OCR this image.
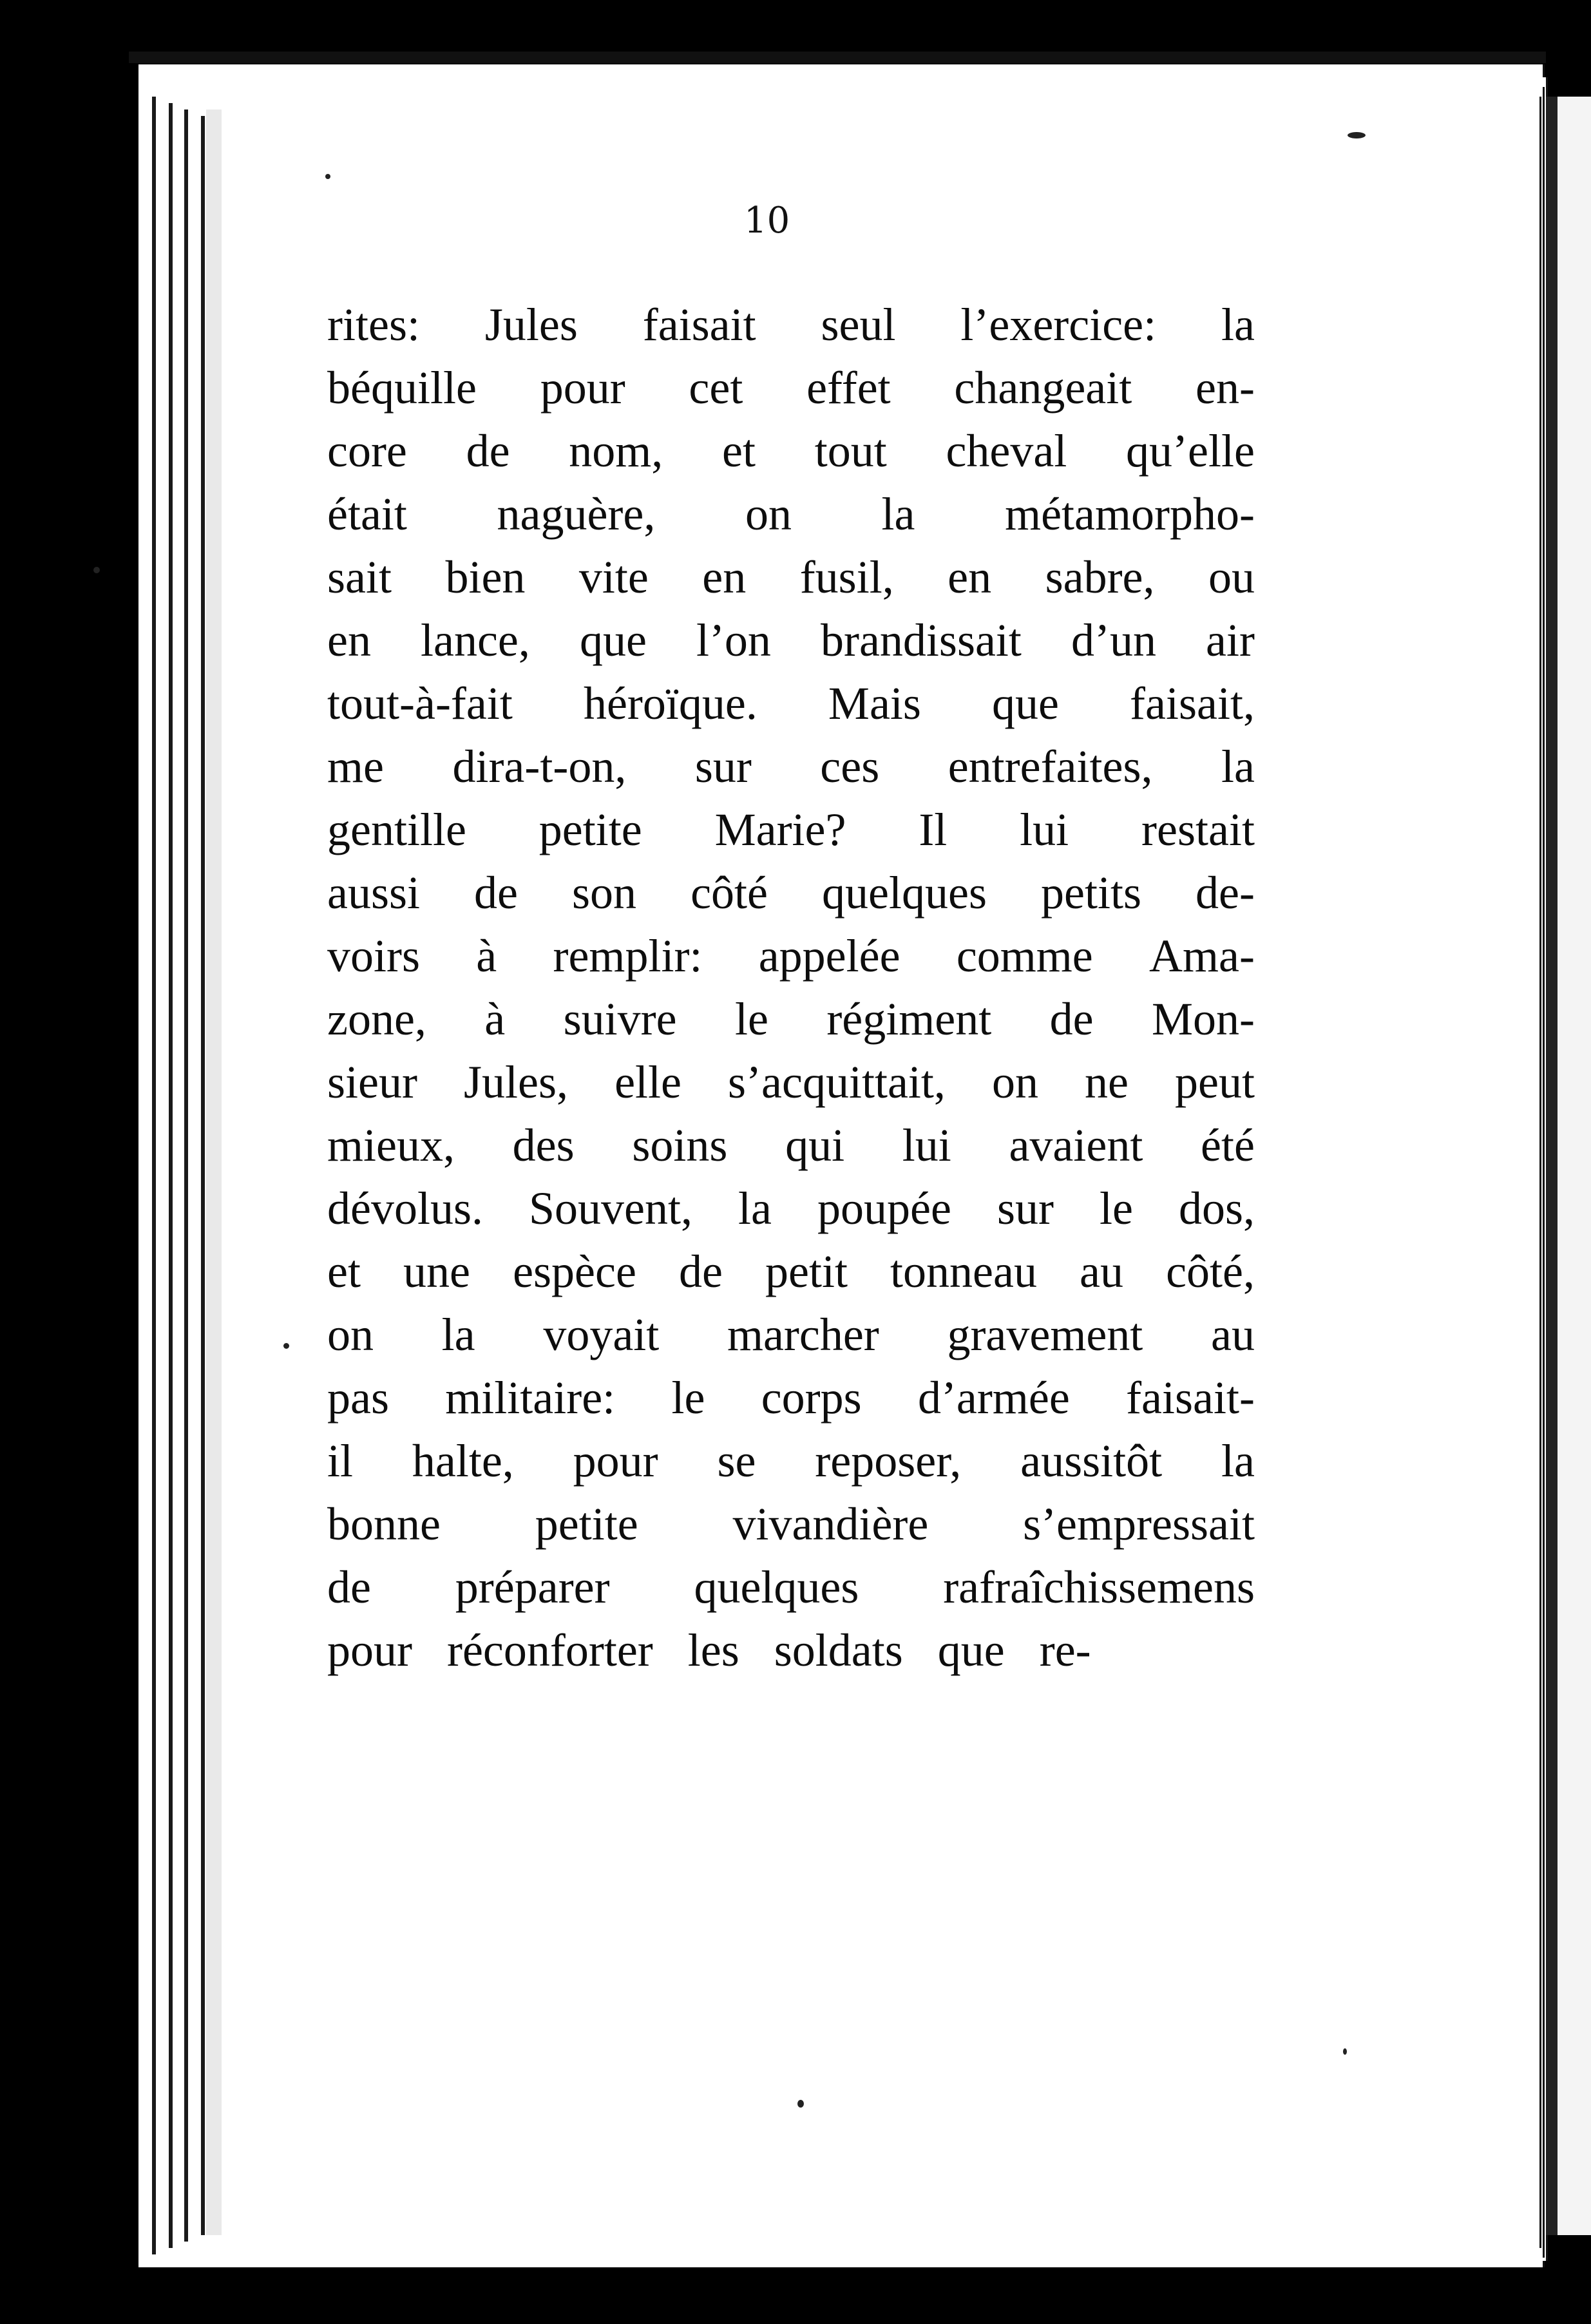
10
rites: Jules faisait seul l’exercice: la
béquille pour cet effet changeait en-
core de nom, et tout cheval qu’elle
était naguère, on la métamorpho-
sait bien vite en fusil, en sabre, ou
en lance, que l’on brandissait d’un air
tout-à-fait héroïque. Mais que faisait,
me dira-t-on, sur ces entrefaites, la
gentille petite Marie? Il lui restait
aussi de son côté quelques petits de-
voirs à remplir: appelée comme Ama-
zone, à suivre le régiment de Mon-
sieur Jules, elle s’acquittait, on ne peut
mieux, des soins qui lui avaient été
dévolus. Souvent, la poupée sur le dos,
et une espèce de petit tonneau au côté,
on la voyait marcher gravement au
pas militaire: le corps d’armée faisait-
il halte, pour se reposer, aussitôt la
bonne petite vivandière s’empressait
de préparer quelques rafraîchissemens
pour réconforter les soldats que re-
